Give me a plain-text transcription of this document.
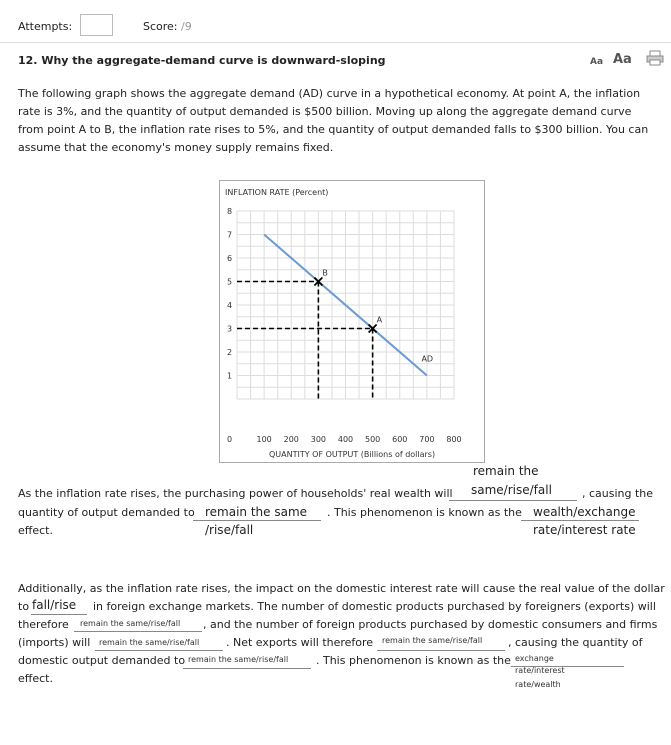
Attempts:	Score: /9
12. Why the aggregate-demand curve is downward-sloping	Aa Aa
The following graph shows the aggregate demand (AD) curve in a hypothetical economy. At point A, the inflation rate is 3%, and the quantity of output demanded is $500 billion. Moving up along the aggregate demand curve from point A to B, the inflation rate rises to 5%, and the quantity of output demanded falls to $300 billion. You can assume that the economy's money supply remains fixed.
INFLATION RATE (Percent)
1
2
3
4
5
6
7
8
0	100 200 300 400 500 600 700 800
AD
B
A
QUANTITY OF OUTPUT (Billions of dollars)
remain the
As the inflation rate rises, the purchasing power of households' real wealth will same/rise/fall	, causing the
quantity of output demanded to remain the same . This phenomenon is known as the wealth/exchange
effect.	/rise/fall	rate/interest rate
Additionally, as the inflation rate rises, the impact on the domestic interest rate will cause the real value of the dollar
to fall/rise in foreign exchange markets. The number of domestic products purchased by foreigners (exports) will
therefore remain the same/rise/fall , and the number of foreign products purchased by domestic consumers and firms
(imports) will remain the same/rise/fall . Net exports will therefore remain the same/rise/fall , causing the quantity of
domestic output demanded to remain the same/rise/fall	. This phenomenon is known as the exchange
rate/interest
effect.	rate/wealth
